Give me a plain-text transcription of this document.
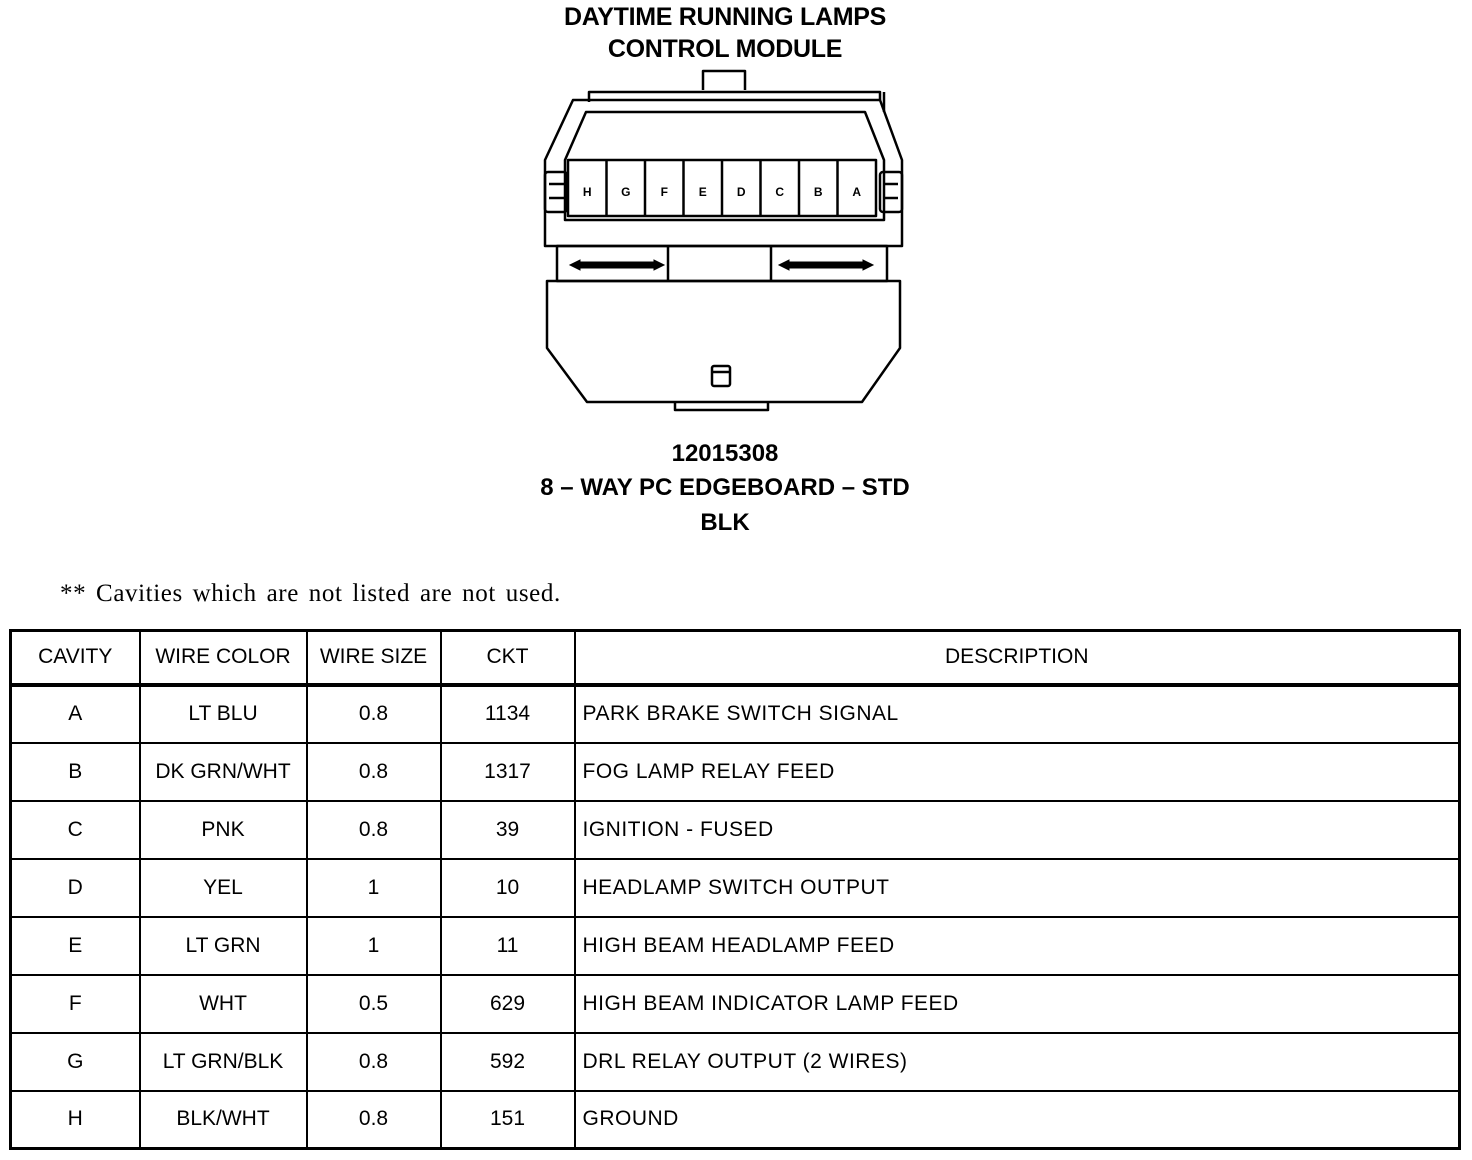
DAYTIME RUNNING LAMPS
CONTROL MODULE
H G	F	E	D C B A
12015308
8 – WAY PC EDGEBOARD – STD
BLK
** Cavities which are not listed are not used.
CAVITY	WIRE COLOR	WIRE SIZE	CKT	DESCRIPTION
A	LT BLU	0.8	1134	PARK BRAKE SWITCH SIGNAL
B	DK GRN/WHT	0.8	1317	FOG LAMP RELAY FEED
C	PNK	0.8	39	IGNITION - FUSED
D	YEL	1	10	HEADLAMP SWITCH OUTPUT
E	LT GRN	1	11	HIGH BEAM HEADLAMP FEED
F	WHT	0.5	629	HIGH BEAM INDICATOR LAMP FEED
G	LT GRN/BLK	0.8	592	DRL RELAY OUTPUT (2 WIRES)
H	BLK/WHT	0.8	151	GROUND
